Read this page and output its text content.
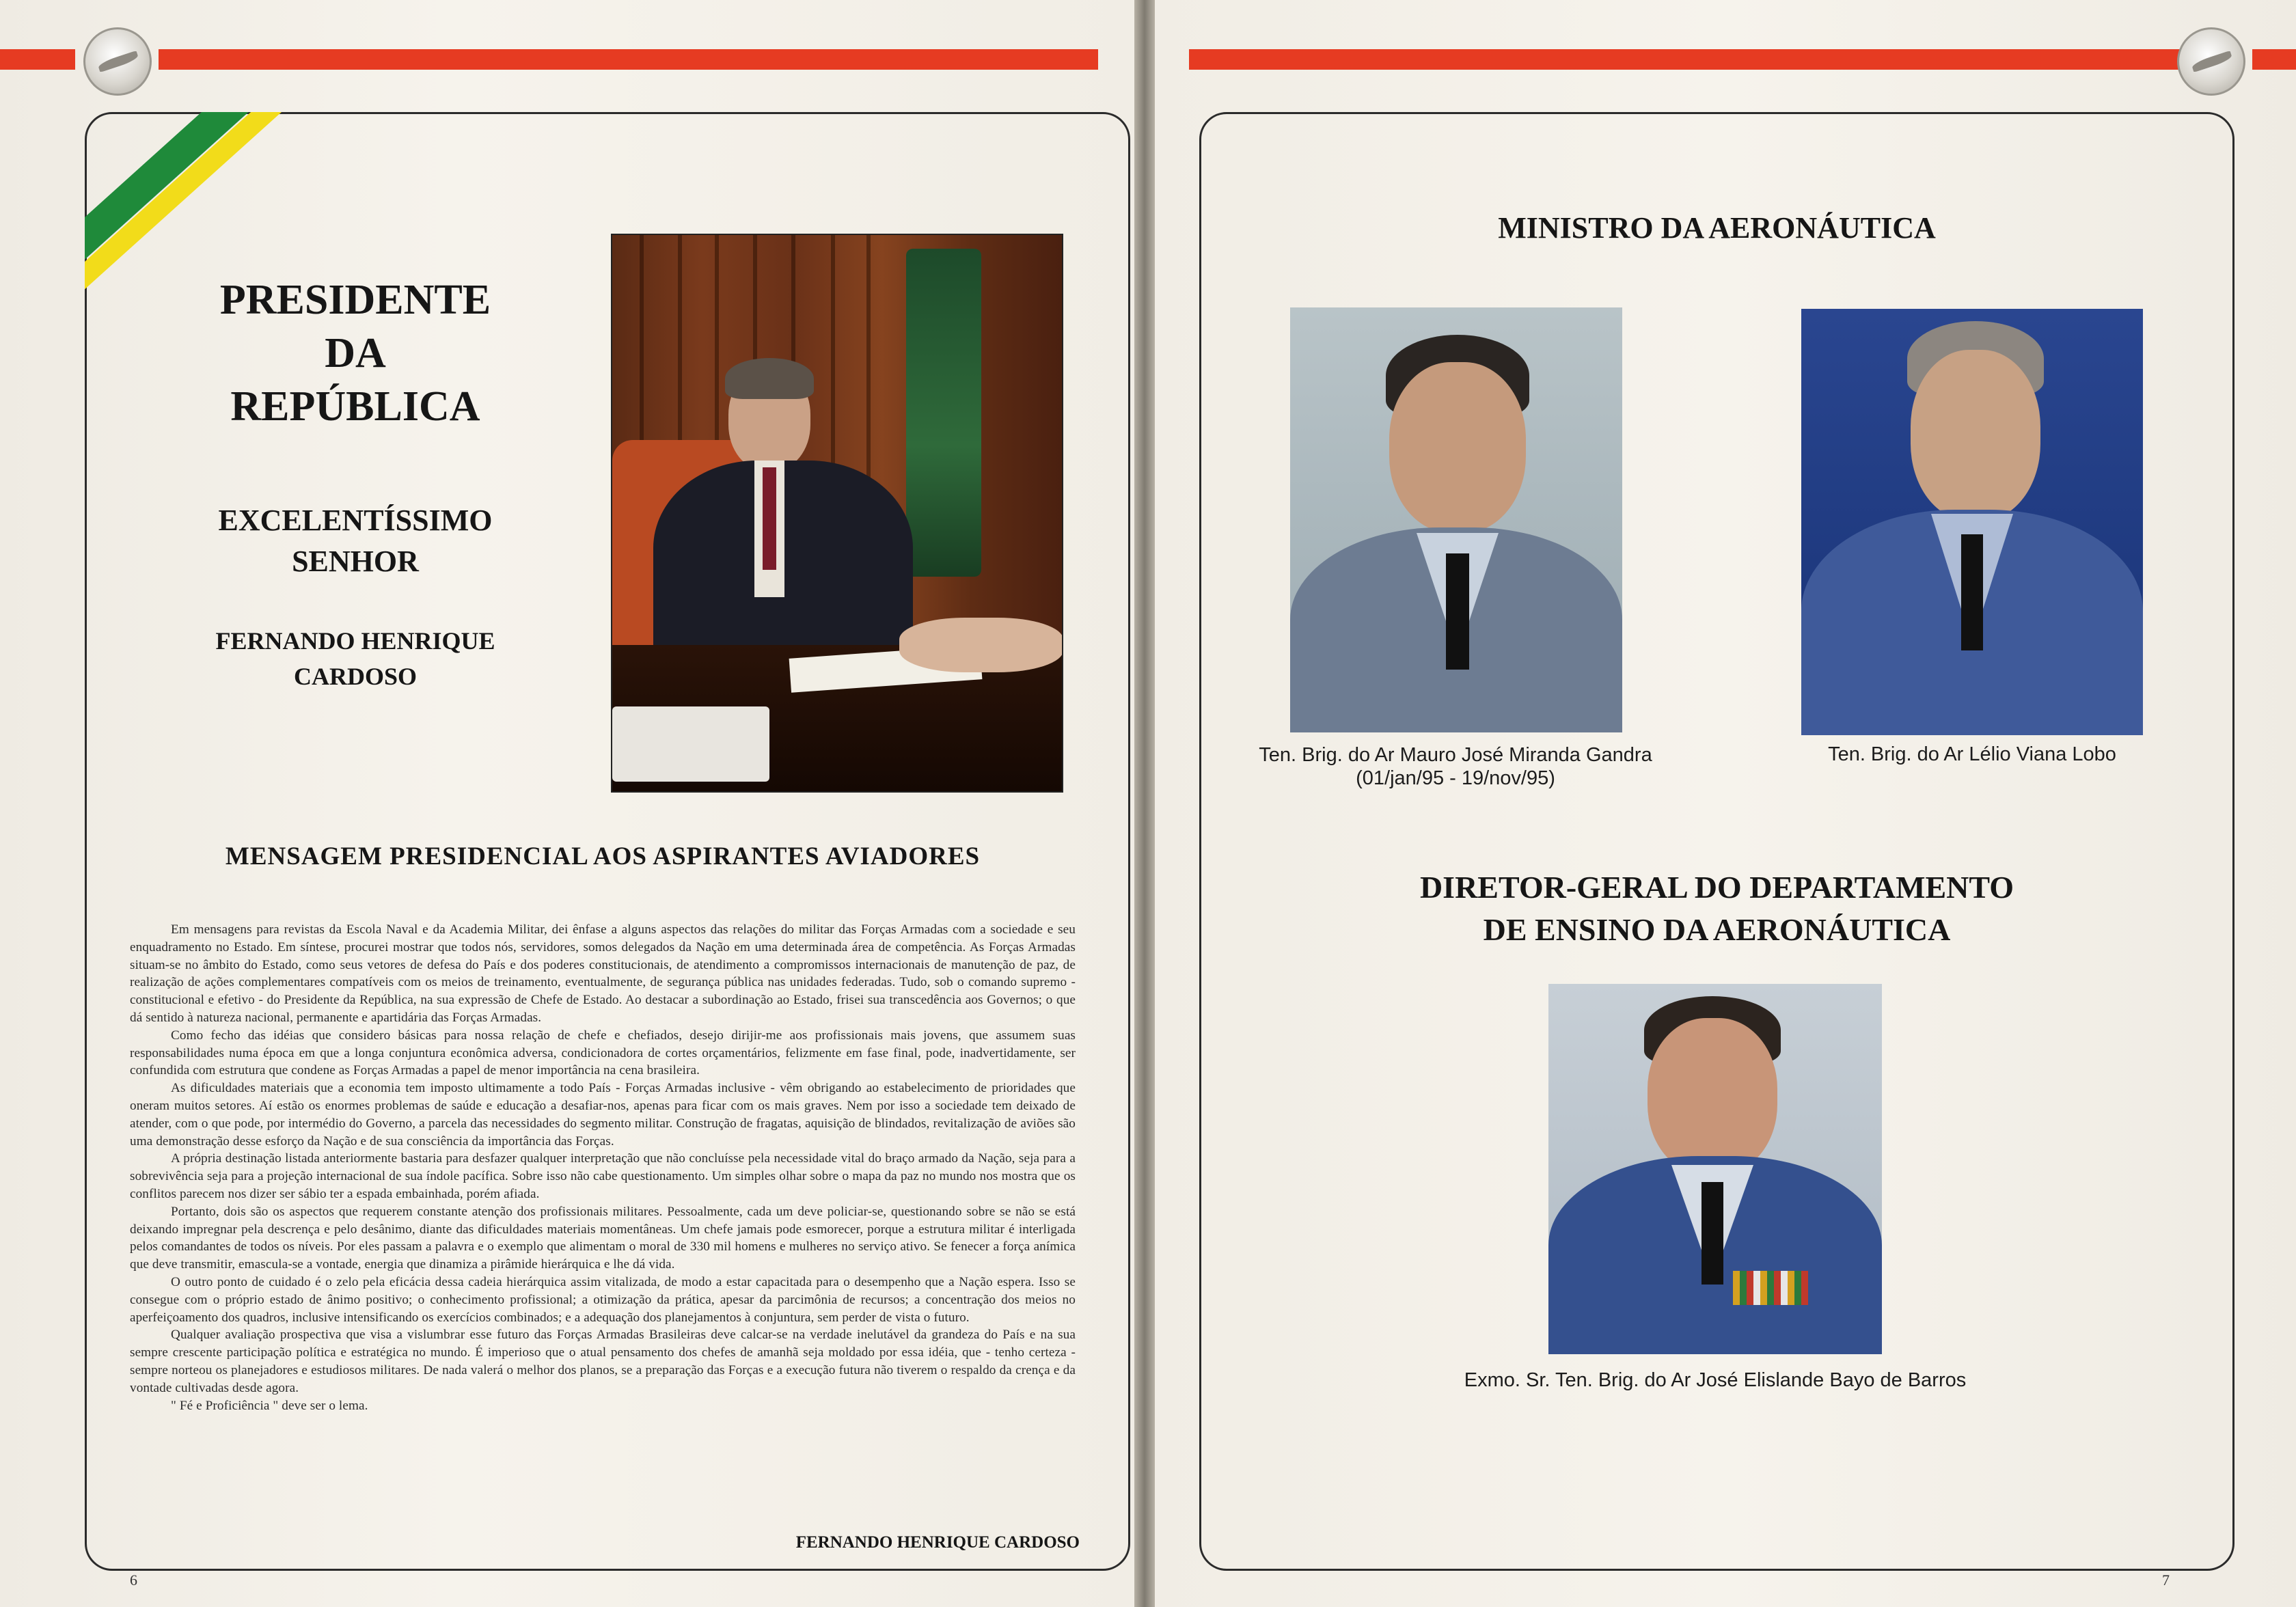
PRESIDENTE
DA
REPÚBLICA
EXCELENTÍSSIMO
SENHOR
FERNANDO HENRIQUE
CARDOSO
MENSAGEM PRESIDENCIAL AOS ASPIRANTES AVIADORES

Em mensagens para revistas da Escola Naval e da Academia Militar, dei ênfase a alguns aspectos das relações do militar das Forças Armadas com a sociedade e seu enquadramento no Estado. Em síntese, procurei mostrar que todos nós, servidores, somos delegados da Nação em uma determinada área de competência. As Forças Armadas situam-se no âmbito do Estado, como seus vetores de defesa do País e dos poderes constitucionais, de atendimento a compromissos internacionais de manutenção de paz, de realização de ações complementares compatíveis com os meios de treinamento, eventualmente, de segurança pública nas unidades federadas. Tudo, sob o comando supremo - constitucional e efetivo - do Presidente da República, na sua expressão de Chefe de Estado. Ao destacar a subordinação ao Estado, frisei sua transcedência aos Governos; o que dá sentido à natureza nacional, permanente e apartidária das Forças Armadas.

Como fecho das idéias que considero básicas para nossa relação de chefe e chefiados, desejo dirijir-me aos profissionais mais jovens, que assumem suas responsabilidades numa época em que a longa conjuntura econômica adversa, condicionadora de cortes orçamentários, felizmente em fase final, pode, inadvertidamente, ser confundida com estrutura que condene as Forças Armadas a papel de menor importância na cena brasileira.

As dificuldades materiais que a economia tem imposto ultimamente a todo País - Forças Armadas inclusive - vêm obrigando ao estabelecimento de prioridades que oneram muitos setores. Aí estão os enormes problemas de saúde e educação a desafiar-nos, apenas para ficar com os mais graves. Nem por isso a sociedade tem deixado de atender, com o que pode, por intermédio do Governo, a parcela das necessidades do segmento militar. Construção de fragatas, aquisição de blindados, revitalização de aviões são uma demonstração desse esforço da Nação e de sua consciência da importância das Forças.

A própria destinação listada anteriormente bastaria para desfazer qualquer interpretação que não concluísse pela necessidade vital do braço armado da Nação, seja para a sobrevivência seja para a projeção internacional de sua índole pacífica. Sobre isso não cabe questionamento. Um simples olhar sobre o mapa da paz no mundo nos mostra que os conflitos parecem nos dizer ser sábio ter a espada embainhada, porém afiada.

Portanto, dois são os aspectos que requerem constante atenção dos profissionais militares. Pessoalmente, cada um deve policiar-se, questionando sobre se não se está deixando impregnar pela descrença e pelo desânimo, diante das dificuldades materiais momentâneas. Um chefe jamais pode esmorecer, porque a estrutura militar é interligada pelos comandantes de todos os níveis. Por eles passam a palavra e o exemplo que alimentam o moral de 330 mil homens e mulheres no serviço ativo. Se fenecer a força anímica que deve transmitir, emascula-se a vontade, energia que dinamiza a pirâmide hierárquica e lhe dá vida.

O outro ponto de cuidado é o zelo pela eficácia dessa cadeia hierárquica assim vitalizada, de modo a estar capacitada para o desempenho que a Nação espera. Isso se consegue com o próprio estado de ânimo positivo; o conhecimento profissional; a otimização da prática, apesar da parcimônia de recursos; a concentração dos meios no aperfeiçoamento dos quadros, inclusive intensificando os exercícios combinados; e a adequação dos planejamentos à conjuntura, sem perder de vista o futuro.

Qualquer avaliação prospectiva que visa a vislumbrar esse futuro das Forças Armadas Brasileiras deve calcar-se na verdade inelutável da grandeza do País e na sua sempre crescente participação política e estratégica no mundo. É imperioso que o atual pensamento dos chefes de amanhã seja moldado por essa idéia, que - tenho certeza - sempre norteou os planejadores e estudiosos militares. De nada valerá o melhor dos planos, se a preparação das Forças e a execução futura não tiverem o respaldo da crença e da vontade cultivadas desde agora.

" Fé e Proficiência " deve ser o lema.

FERNANDO HENRIQUE CARDOSO
6
MINISTRO DA AERONÁUTICA
Ten. Brig. do Ar Mauro José Miranda Gandra
(01/jan/95 - 19/nov/95)
Ten. Brig. do Ar Lélio Viana Lobo
DIRETOR-GERAL DO DEPARTAMENTO
DE ENSINO DA AERONÁUTICA
Exmo. Sr. Ten. Brig. do Ar José Elislande Bayo de Barros
7
